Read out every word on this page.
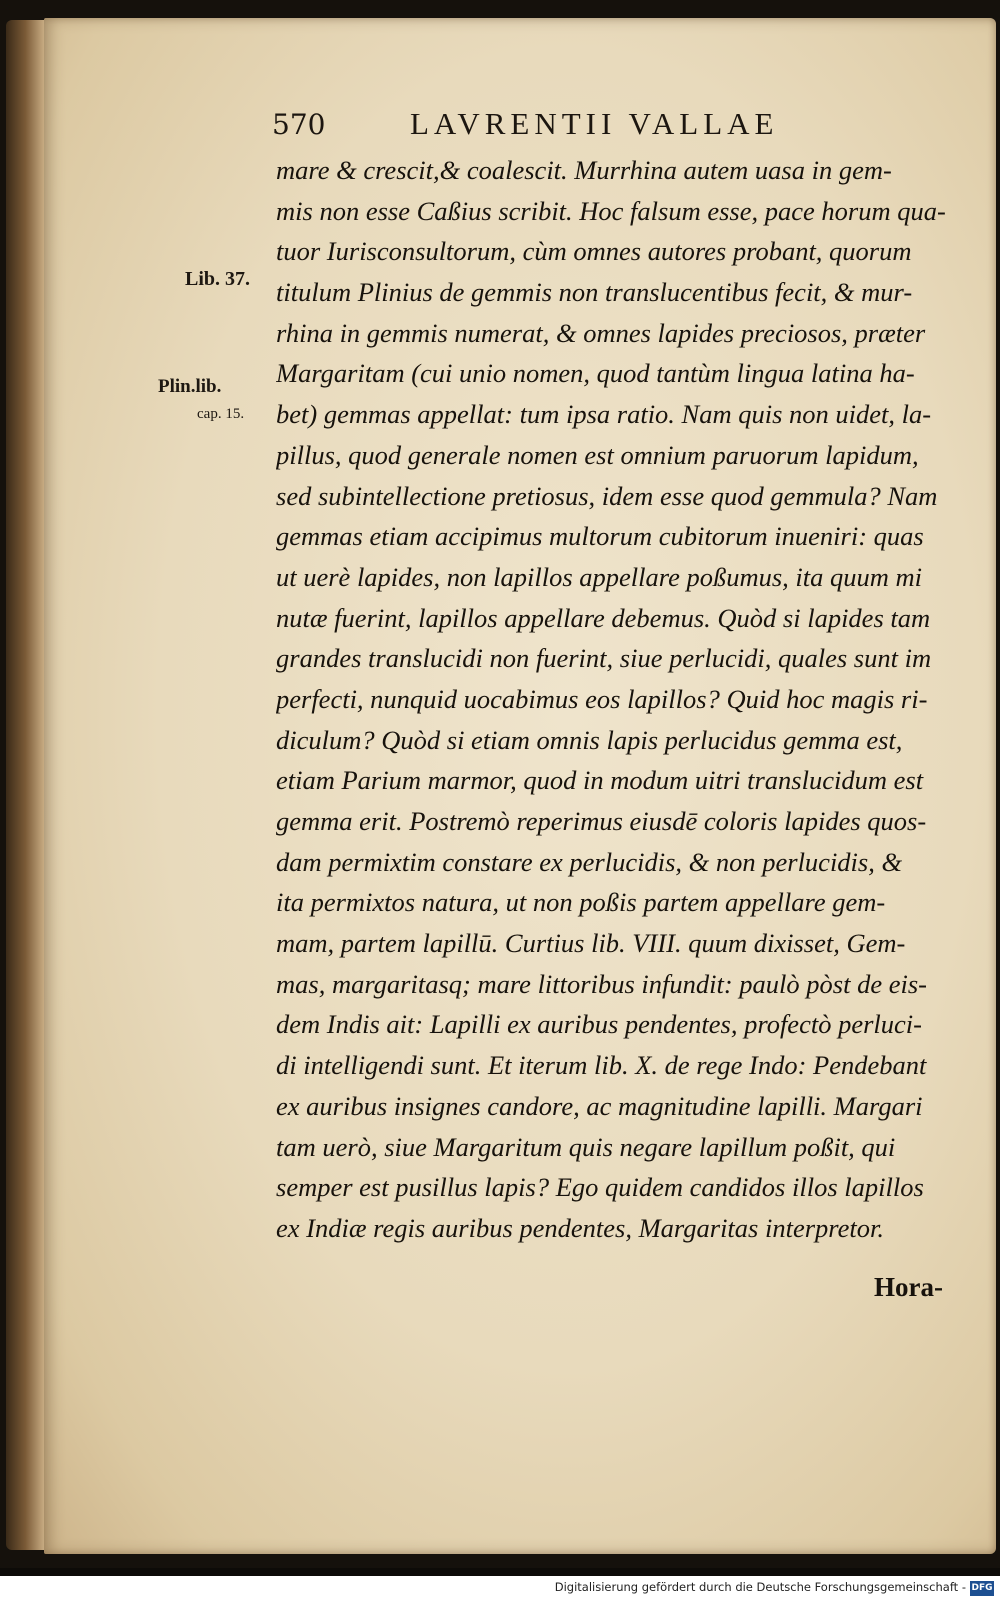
570	LAVRENTII VALLAE
Lib. 37.
Plin.lib.
cap. 15.
mare & crescit,& coalescit. Murrhina autem uasa in gem-
mis non esse Caßius scribit. Hoc falsum esse, pace horum qua-
tuor Iurisconsultorum, cùm omnes autores probant, quorum
titulum Plinius de gemmis non translucentibus fecit, & mur-
rhina in gemmis numerat, & omnes lapides preciosos, præter
Margaritam (cui unio nomen, quod tantùm lingua latina ha-
bet) gemmas appellat: tum ipsa ratio. Nam quis non uidet, la-
pillus, quod generale nomen est omnium paruorum lapidum,
sed subintellectione pretiosus, idem esse quod gemmula? Nam
gemmas etiam accipimus multorum cubitorum inueniri: quas
ut uerè lapides, non lapillos appellare poßumus, ita quum mi
nutæ fuerint, lapillos appellare debemus. Quòd si lapides tam
grandes translucidi non fuerint, siue perlucidi, quales sunt im
perfecti, nunquid uocabimus eos lapillos? Quid hoc magis ri-
diculum? Quòd si etiam omnis lapis perlucidus gemma est,
etiam Parium marmor, quod in modum uitri translucidum est
gemma erit. Postremò reperimus eiusdē coloris lapides quos-
dam permixtim constare ex perlucidis, & non perlucidis, &
ita permixtos natura, ut non poßis partem appellare gem-
mam, partem lapillū. Curtius lib. VIII. quum dixisset, Gem-
mas, margaritasq; mare littoribus infundit: paulò pòst de eis-
dem Indis ait: Lapilli ex auribus pendentes, profectò perluci-
di intelligendi sunt. Et iterum lib. X. de rege Indo: Pendebant
ex auribus insignes candore, ac magnitudine lapilli. Margari
tam uerò, siue Margaritum quis negare lapillum poßit, qui
semper est pusillus lapis? Ego quidem candidos illos lapillos
ex Indiæ regis auribus pendentes, Margaritas interpretor.
Hora-
Digitalisierung gefördert durch die Deutsche Forschungsgemeinschaft - DFG
